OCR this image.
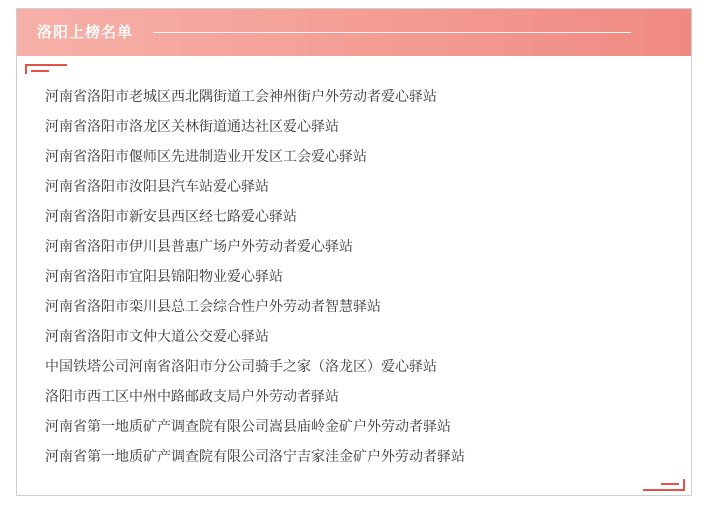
洛阳上榜名单
河南省洛阳市老城区西北隅街道工会神州街户外劳动者爱心驿站
河南省洛阳市洛龙区关林街道通达社区爱心驿站
河南省洛阳市偃师区先进制造业开发区工会爱心驿站
河南省洛阳市汝阳县汽车站爱心驿站
河南省洛阳市新安县西区经七路爱心驿站
河南省洛阳市伊川县普惠广场户外劳动者爱心驿站
河南省洛阳市宜阳县锦阳物业爱心驿站
河南省洛阳市栾川县总工会综合性户外劳动者智慧驿站
河南省洛阳市文仲大道公交爱心驿站
中国铁塔公司河南省洛阳市分公司骑手之家（洛龙区）爱心驿站
洛阳市西工区中州中路邮政支局户外劳动者驿站
河南省第一地质矿产调查院有限公司嵩县庙岭金矿户外劳动者驿站
河南省第一地质矿产调查院有限公司洛宁吉家洼金矿户外劳动者驿站
